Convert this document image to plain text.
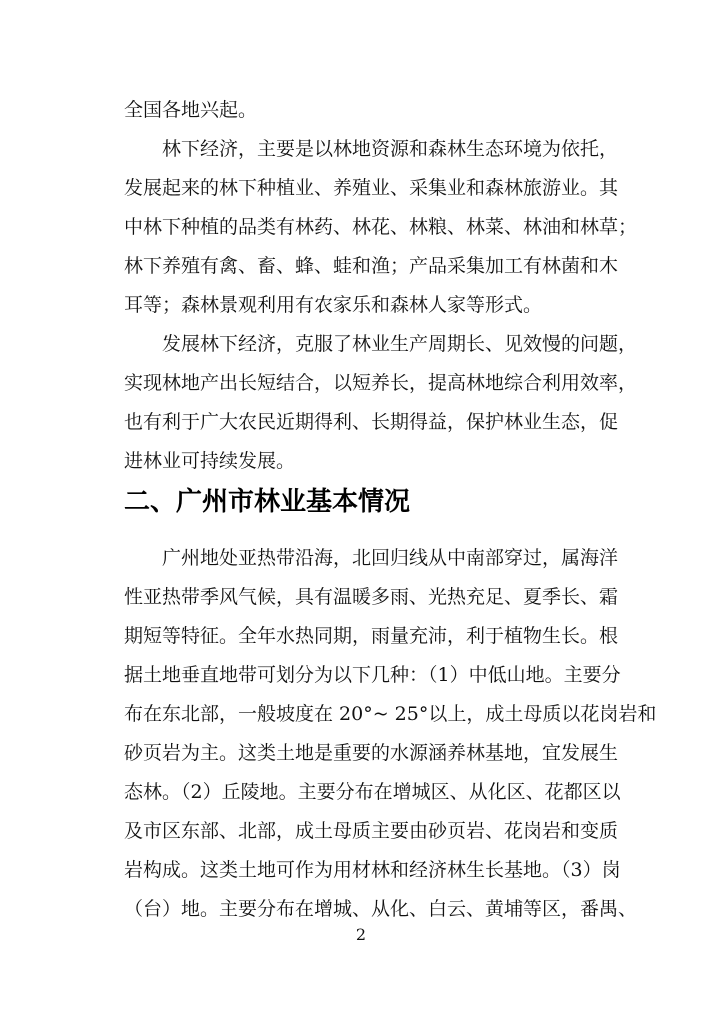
全国各地兴起。
林下经济，主要是以林地资源和森林生态环境为依托，
发展起来的林下种植业、养殖业、采集业和森林旅游业。其
中林下种植的品类有林药、林花、林粮、林菜、林油和林草；
林下养殖有禽、畜、蜂、蛙和渔；产品采集加工有林菌和木
耳等；森林景观利用有农家乐和森林人家等形式。
发展林下经济，克服了林业生产周期长、见效慢的问题，
实现林地产出长短结合，以短养长，提高林地综合利用效率，
也有利于广大农民近期得利、长期得益，保护林业生态，促
进林业可持续发展。
二、广州市林业基本情况
广州地处亚热带沿海，北回归线从中南部穿过，属海洋
性亚热带季风气候，具有温暖多雨、光热充足、夏季长、霜
期短等特征。全年水热同期，雨量充沛，利于植物生长。根
据土地垂直地带可划分为以下几种：（1）中低山地。主要分
布在东北部，一般坡度在 20°~ 25°以上，成土母质以花岗岩和
砂页岩为主。这类土地是重要的水源涵养林基地，宜发展生
态林。（2）丘陵地。主要分布在增城区、从化区、花都区以
及市区东部、北部，成土母质主要由砂页岩、花岗岩和变质
岩构成。这类土地可作为用材林和经济林生长基地。（3）岗
（台）地。主要分布在增城、从化、白云、黄埔等区，番禺、
2
